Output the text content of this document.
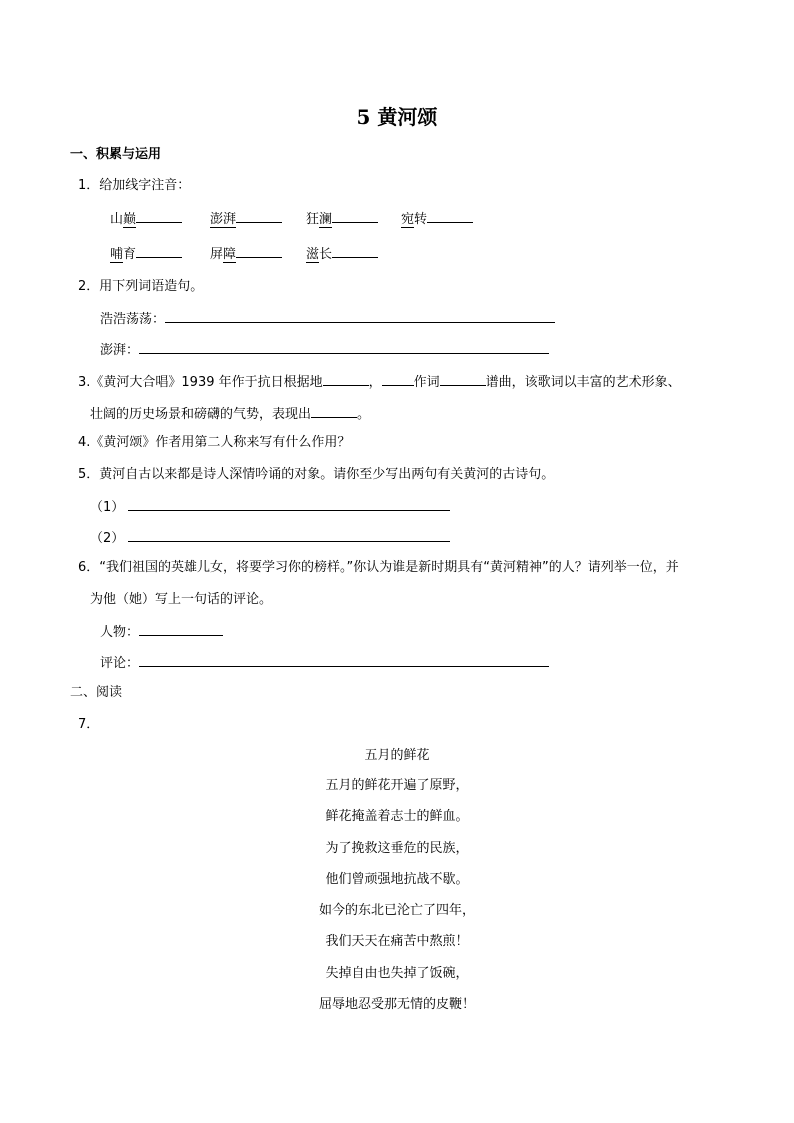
5 黄河颂
一、积累与运用
1．给加线字注音：
山巅	澎湃	狂澜	宛转
哺育	屏障	滋长
2．用下列词语造句。
浩浩荡荡：
澎湃：
3.《黄河大合唱》1939 年作于抗日根据地	， 作词	谱曲，该歌词以丰富的艺术形象、
壮阔的历史场景和磅礴的气势，表现出	。
4.《黄河颂》作者用第二人称来写有什么作用？
5．黄河自古以来都是诗人深情吟诵的对象。请你至少写出两句有关黄河的古诗句。
（1）
（2）
6．“我们祖国的英雄儿女，将要学习你的榜样。”你认为谁是新时期具有“黄河精神”的人？请列举一位，并
为他（她）写上一句话的评论。
人物：
评论：
二、阅读
7．
五月的鲜花
五月的鲜花开遍了原野，
鲜花掩盖着志士的鲜血。
为了挽救这垂危的民族，
他们曾顽强地抗战不歇。
如今的东北已沦亡了四年，
我们天天在痛苦中熬煎！
失掉自由也失掉了饭碗，
屈辱地忍受那无情的皮鞭！
